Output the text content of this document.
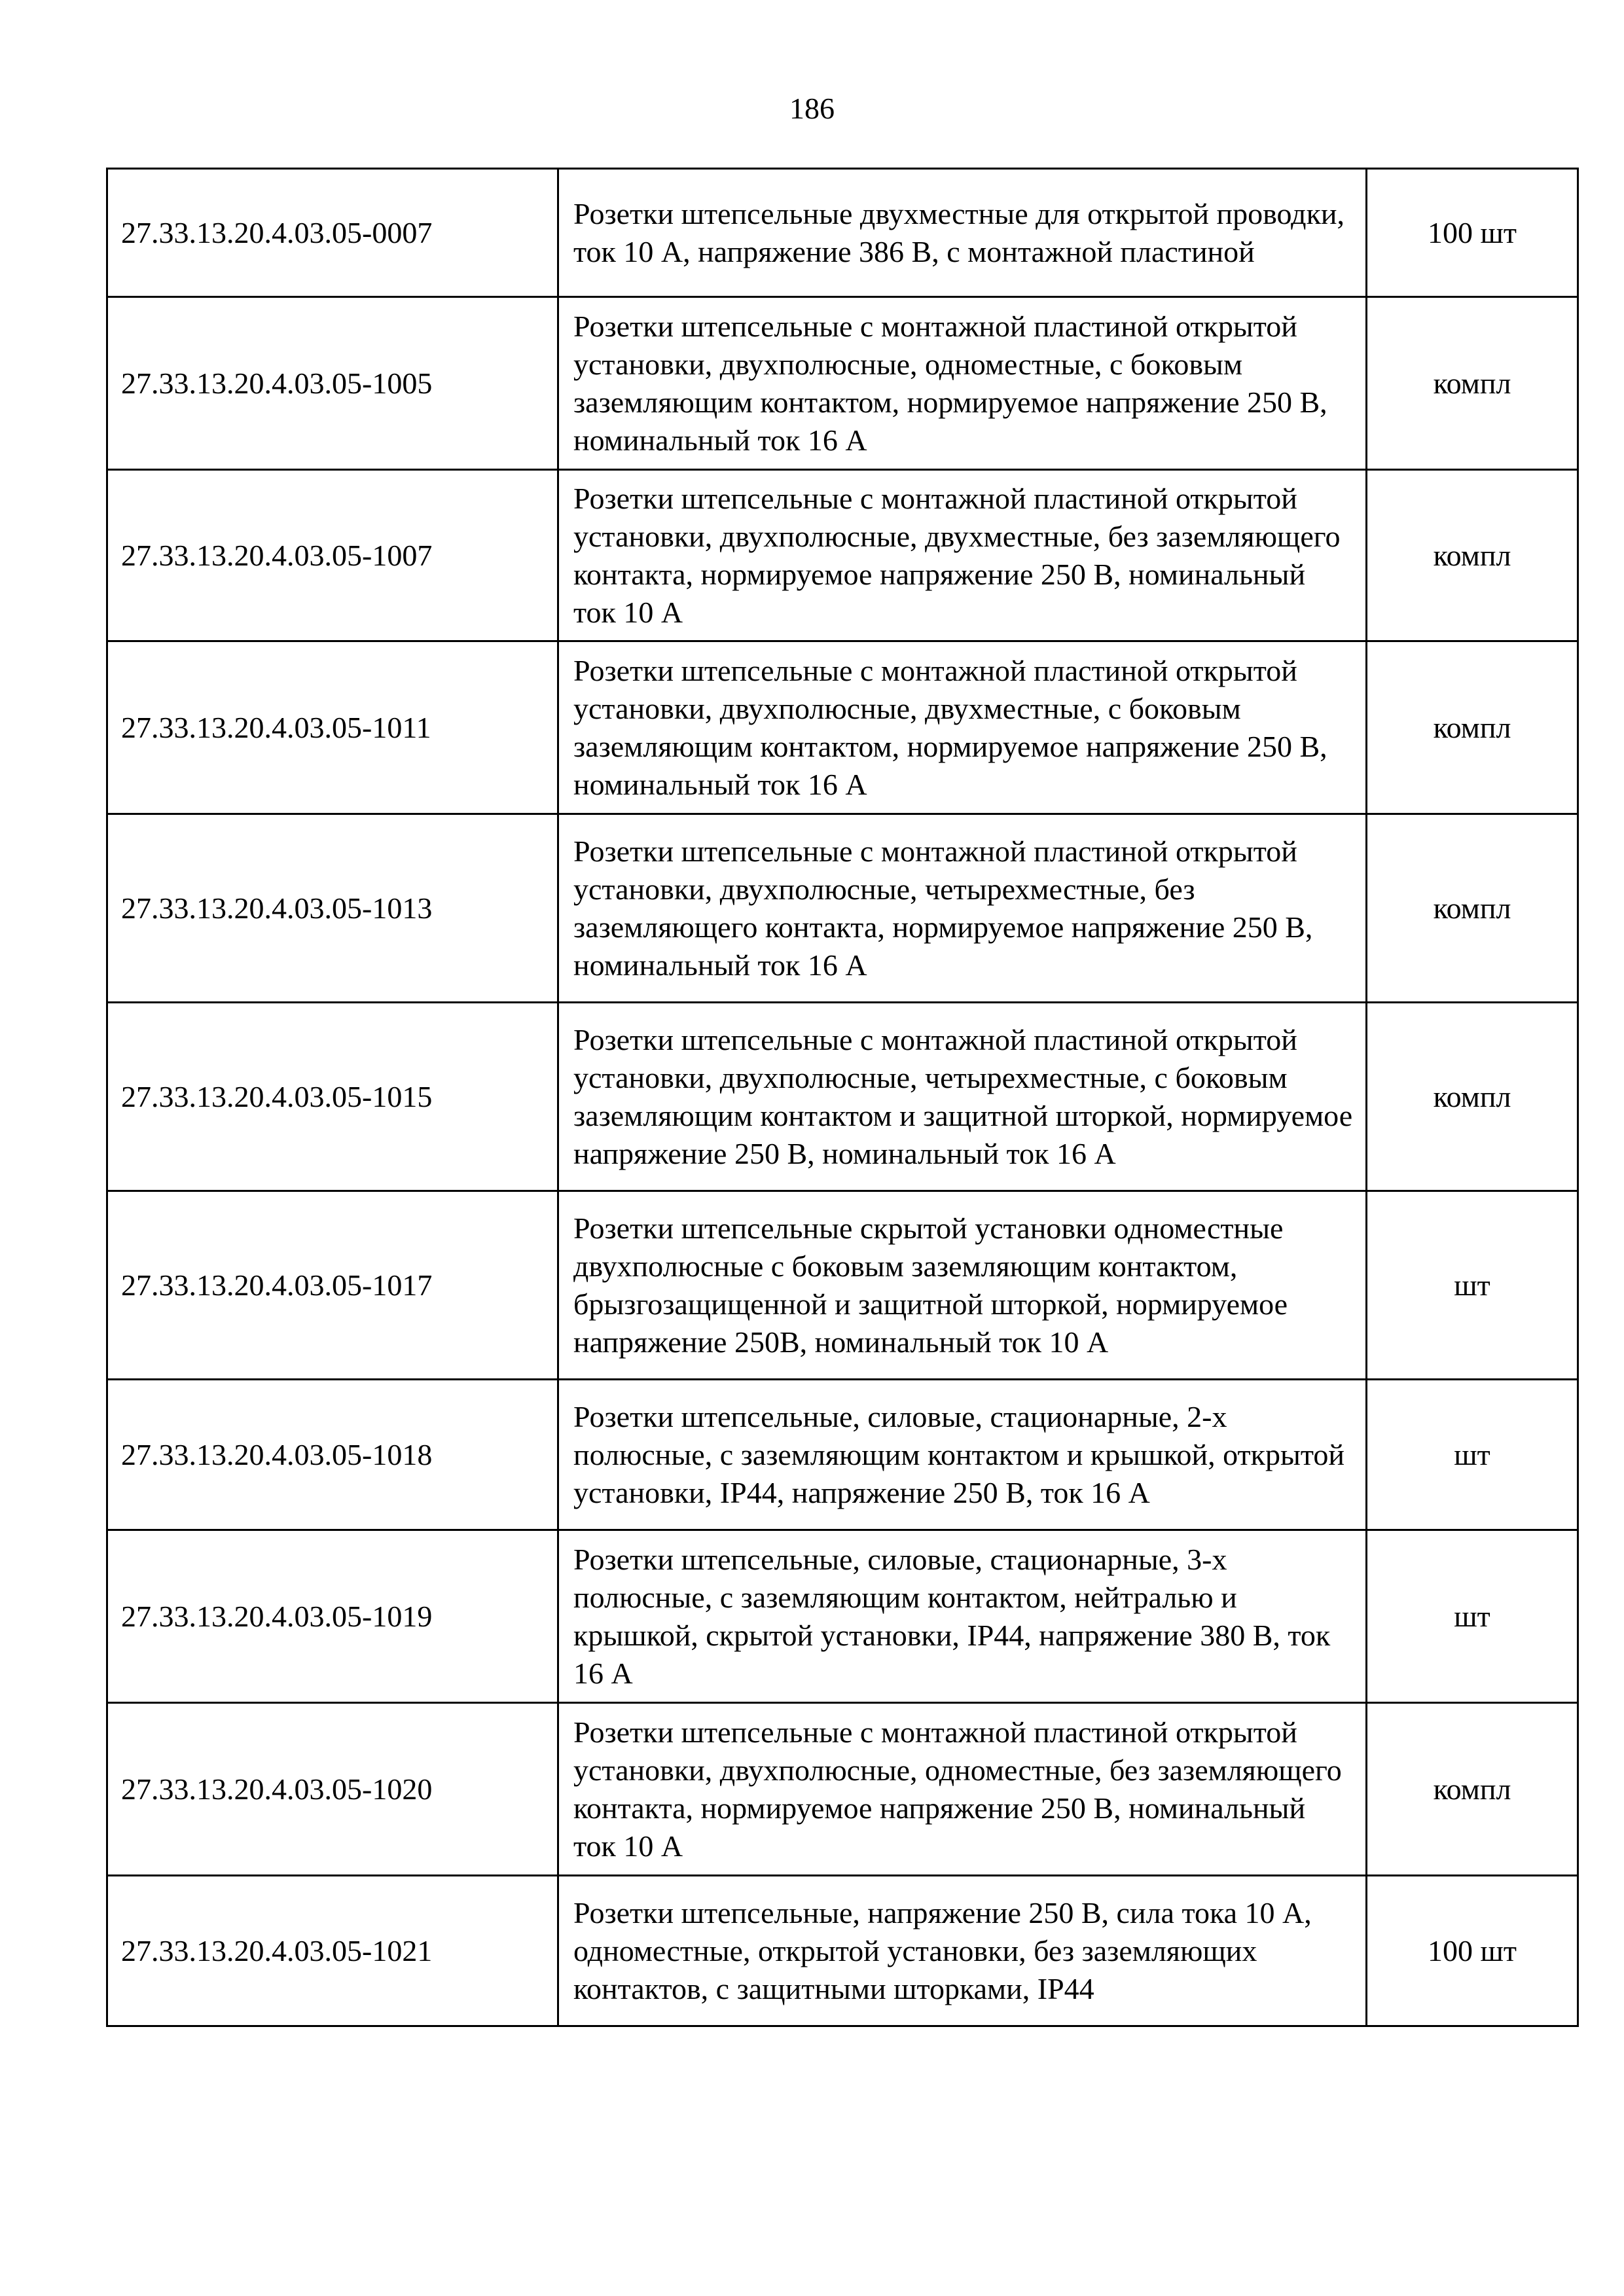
186
27.33.13.20.4.03.05-0007	Розетки штепсельные двухместные для открытой проводки, ток 10 А, напряжение 386 В, с монтажной пластиной	100 шт
27.33.13.20.4.03.05-1005	Розетки штепсельные с монтажной пластиной открытой установки, двухполюсные, одноместные, с боковым заземляющим контактом, нормируемое напряжение 250 В, номинальный ток 16 А	компл
27.33.13.20.4.03.05-1007	Розетки штепсельные с монтажной пластиной открытой установки, двухполюсные, двухместные, без заземляющего контакта, нормируемое напряжение 250 В, номинальный ток 10 А	компл
27.33.13.20.4.03.05-1011	Розетки штепсельные с монтажной пластиной открытой установки, двухполюсные, двухместные, с боковым заземляющим контактом, нормируемое напряжение 250 В, номинальный ток 16 А	компл
27.33.13.20.4.03.05-1013	Розетки штепсельные с монтажной пластиной открытой установки, двухполюсные, четырехместные, без заземляющего контакта, нормируемое напряжение 250 В, номинальный ток 16 А	компл
27.33.13.20.4.03.05-1015	Розетки штепсельные с монтажной пластиной открытой установки, двухполюсные, четырехместные, с боковым заземляющим контактом и защитной шторкой, нормируемое напряжение 250 В, номинальный ток 16 А	компл
27.33.13.20.4.03.05-1017	Розетки штепсельные скрытой установки одноместные двухполюсные с боковым заземляющим контактом, брызгозащищенной и защитной шторкой, нормируемое напряжение 250В, номинальный ток 10 А	шт
27.33.13.20.4.03.05-1018	Розетки штепсельные, силовые, стационарные, 2-х полюсные, с заземляющим контактом и крышкой, открытой установки, IP44, напряжение 250 В, ток 16 А	шт
27.33.13.20.4.03.05-1019	Розетки штепсельные, силовые, стационарные, 3-х полюсные, с заземляющим контактом, нейтралью и крышкой, скрытой установки, IP44, напряжение 380 В, ток 16 А	шт
27.33.13.20.4.03.05-1020	Розетки штепсельные с монтажной пластиной открытой установки, двухполюсные, одноместные, без заземляющего контакта, нормируемое напряжение 250 В, номинальный ток 10 А	компл
27.33.13.20.4.03.05-1021	Розетки штепсельные, напряжение 250 В, сила тока 10 А, одноместные, открытой установки, без заземляющих контактов, с защитными шторками, IP44	100 шт
